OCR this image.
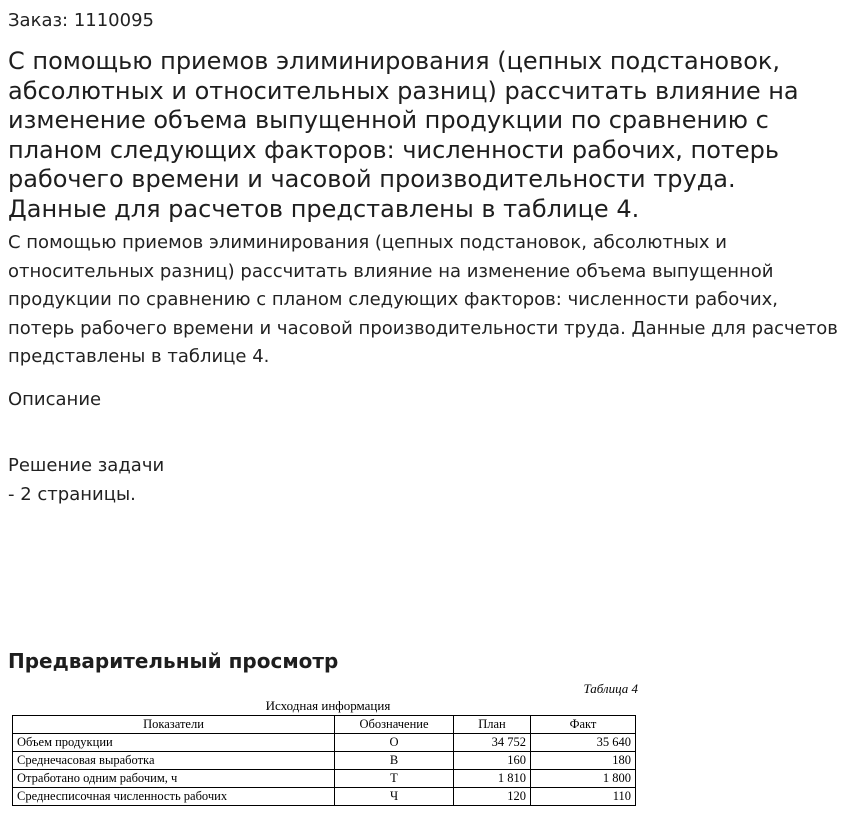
Заказ: 1110095

С помощью приемов элиминирования (цепных подстановок, абсолютных и относительных разниц) рассчитать влияние на изменение объема выпущенной продукции по сравнению с планом следующих факторов: численности рабочих, потерь рабочего времени и часовой производительности труда. Данные для расчетов представлены в таблице 4.

С помощью приемов элиминирования (цепных подстановок, абсолютных и относительных разниц) рассчитать влияние на изменение объема выпущенной продукции по сравнению с планом следующих факторов: численности рабочих, потерь рабочего времени и часовой производительности труда. Данные для расчетов представлены в таблице 4.

Описание

Решение задачи
- 2 страницы.
Предварительный просмотр
Таблица 4
Исходная информация
Показатели	Обозначение	План	Факт
Объем продукции	О	34 752	35 640
Среднечасовая выработка	В	160	180
Отработано одним рабочим, ч	Т	1 810	1 800
Среднесписочная численность рабочих	Ч	120	110
